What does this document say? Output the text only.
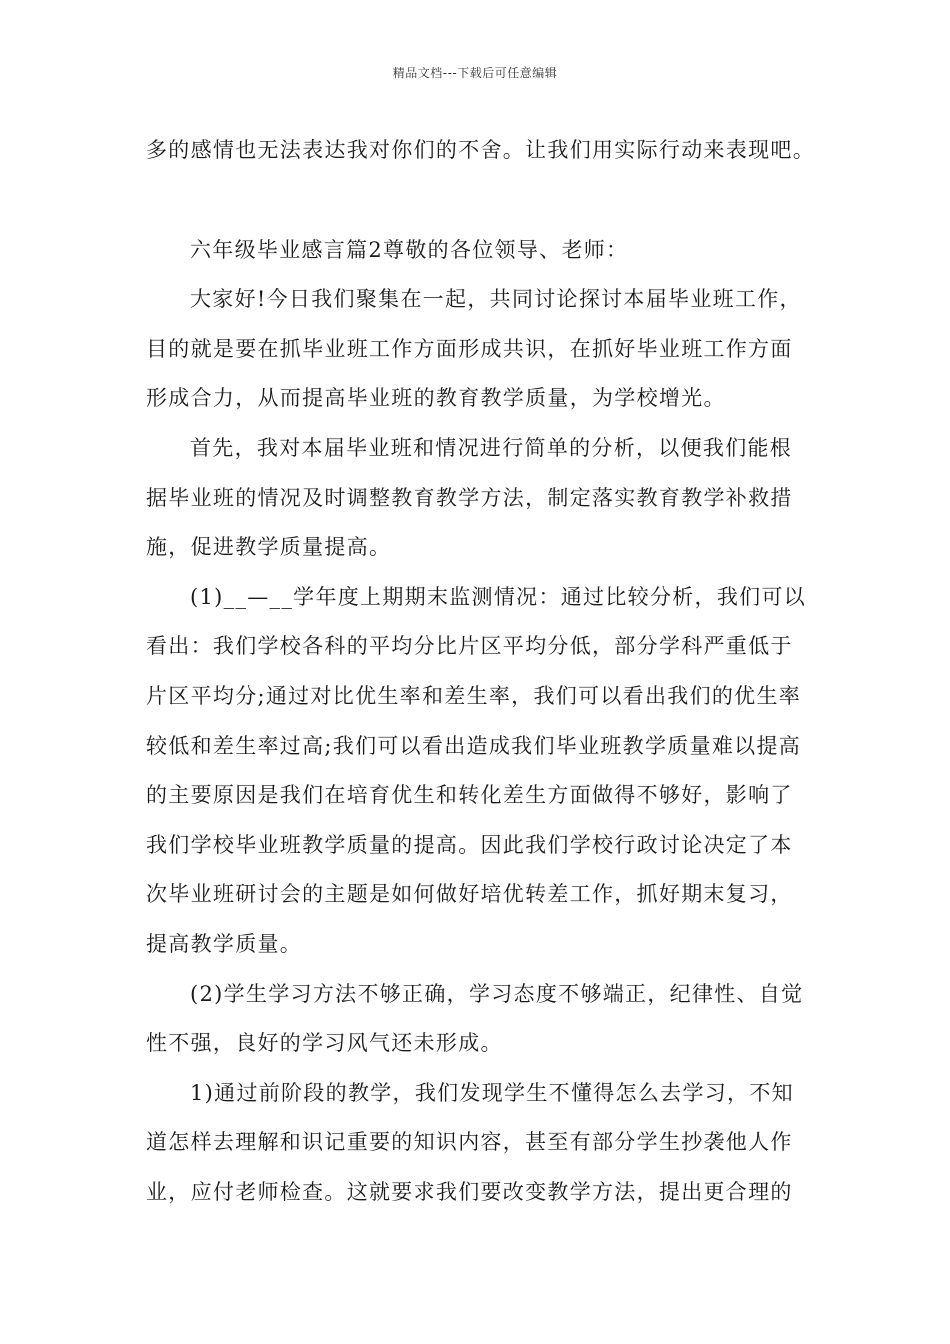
精品文档---下载后可任意编辑
多的感情也无法表达我对你们的不舍。让我们用实际行动来表现吧。
六年级毕业感言篇2尊敬的各位领导、老师：
大家好!今日我们聚集在一起，共同讨论探讨本届毕业班工作，
目的就是要在抓毕业班工作方面形成共识，在抓好毕业班工作方面
形成合力，从而提高毕业班的教育教学质量，为学校增光。
首先，我对本届毕业班和情况进行简单的分析，以便我们能根
据毕业班的情况及时调整教育教学方法，制定落实教育教学补救措
施，促进教学质量提高。
(1)__—__学年度上期期末监测情况：通过比较分析，我们可以
看出：我们学校各科的平均分比片区平均分低，部分学科严重低于
片区平均分;通过对比优生率和差生率，我们可以看出我们的优生率
较低和差生率过高;我们可以看出造成我们毕业班教学质量难以提高
的主要原因是我们在培育优生和转化差生方面做得不够好，影响了
我们学校毕业班教学质量的提高。因此我们学校行政讨论决定了本
次毕业班研讨会的主题是如何做好培优转差工作，抓好期末复习，
提高教学质量。
(2)学生学习方法不够正确，学习态度不够端正，纪律性、自觉
性不强，良好的学习风气还未形成。
1)通过前阶段的教学，我们发现学生不懂得怎么去学习，不知
道怎样去理解和识记重要的知识内容，甚至有部分学生抄袭他人作
业，应付老师检查。这就要求我们要改变教学方法，提出更合理的
